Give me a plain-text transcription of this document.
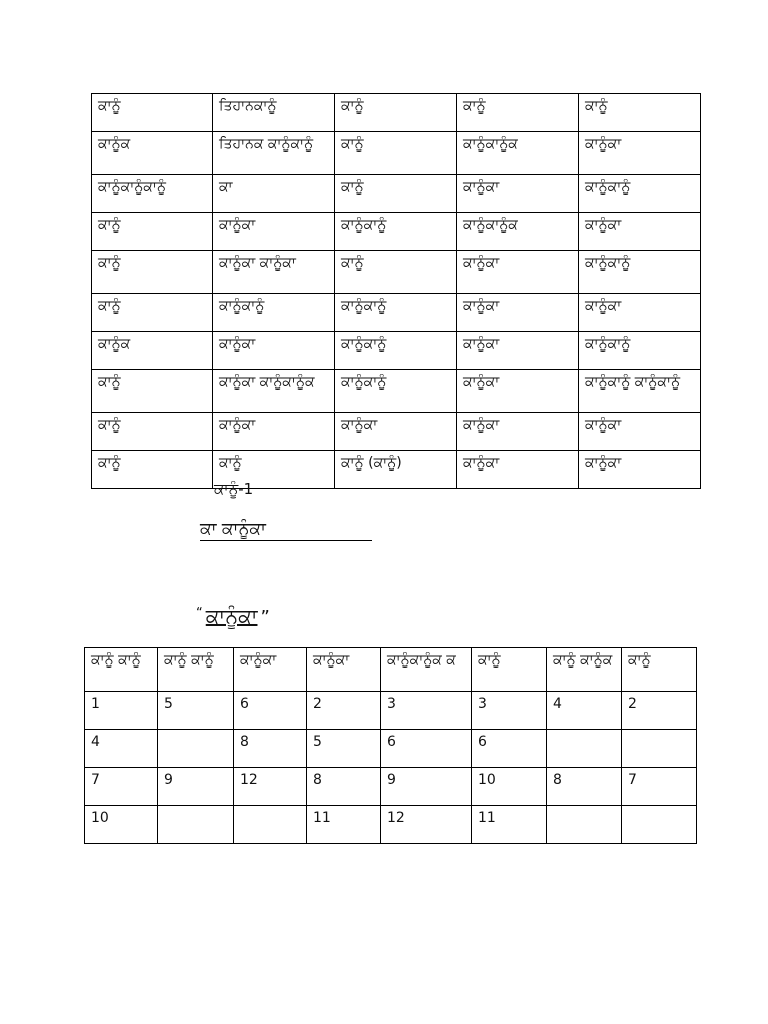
ਕਾਨੂੰ	ਤਿਹਾਨਕਾਨੂੰ	ਕਾਨੂੰ	ਕਾਨੂੰ	ਕਾਨੂੰ
ਕਾਨੂੰਕ	ਤਿਹਾਨਕ ਕਾਨੂੰਕਾਨੂੰ	ਕਾਨੂੰ	ਕਾਨੂੰਕਾਨੂੰਕ	ਕਾਨੂੰਕਾ
ਕਾਨੂੰਕਾਨੂੰਕਾਨੂੰ	ਕਾ	ਕਾਨੂੰ	ਕਾਨੂੰਕਾ	ਕਾਨੂੰਕਾਨੂੰ
ਕਾਨੂੰ	ਕਾਨੂੰਕਾ	ਕਾਨੂੰਕਾਨੂੰ	ਕਾਨੂੰਕਾਨੂੰਕ	ਕਾਨੂੰਕਾ
ਕਾਨੂੰ	ਕਾਨੂੰਕਾ ਕਾਨੂੰਕਾ	ਕਾਨੂੰ	ਕਾਨੂੰਕਾ	ਕਾਨੂੰਕਾਨੂੰ
ਕਾਨੂੰ	ਕਾਨੂੰਕਾਨੂੰ	ਕਾਨੂੰਕਾਨੂੰ	ਕਾਨੂੰਕਾ	ਕਾਨੂੰਕਾ
ਕਾਨੂੰਕ	ਕਾਨੂੰਕਾ	ਕਾਨੂੰਕਾਨੂੰ	ਕਾਨੂੰਕਾ	ਕਾਨੂੰਕਾਨੂੰ
ਕਾਨੂੰ	ਕਾਨੂੰਕਾ ਕਾਨੂੰਕਾਨੂੰਕ	ਕਾਨੂੰਕਾਨੂੰ	ਕਾਨੂੰਕਾ	ਕਾਨੂੰਕਾਨੂੰ ਕਾਨੂੰਕਾਨੂੰ
ਕਾਨੂੰ	ਕਾਨੂੰਕਾ	ਕਾਨੂੰਕਾ	ਕਾਨੂੰਕਾ	ਕਾਨੂੰਕਾ
ਕਾਨੂੰ	ਕਾਨੂੰ	ਕਾਨੂੰ (ਕਾਨੂੰ)	ਕਾਨੂੰਕਾ	ਕਾਨੂੰਕਾ
ਕਾਨੂੰ-1
ਕਾ ਕਾਨੂੰਕਾ
“ ਕਾਨੂੰਕਾ ”
ਕਾਨੂੰ ਕਾਨੂੰ	ਕਾਨੂੰ ਕਾਨੂੰ	ਕਾਨੂੰਕਾ	ਕਾਨੂੰਕਾ	ਕਾਨੂੰਕਾਨੂੰਕ ਕ	ਕਾਨੂੰ	ਕਾਨੂੰ ਕਾਨੂੰਕ	ਕਾਨੂੰ
1	5	6	2	3	3	4	2
4		8	5	6	6		
7	9	12	8	9	10	8	7
10			11	12	11		
